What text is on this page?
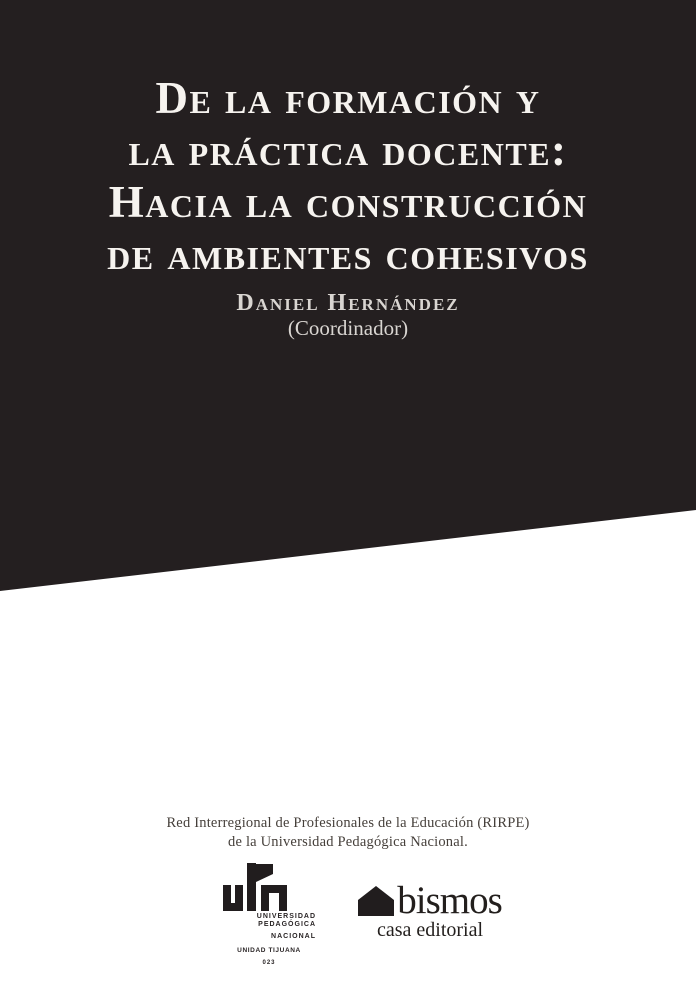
De la formación y
la práctica docente:
Hacia la construcción
de ambientes cohesivos
Daniel Hernández
(Coordinador)
Red Interregional de Profesionales de la Educación (RIRPE)
de la Universidad Pedagógica Nacional.
UNIVERSIDAD
PEDAGÓGICA
NACIONAL
UNIDAD TIJUANA
023
bismos
casa editorial
